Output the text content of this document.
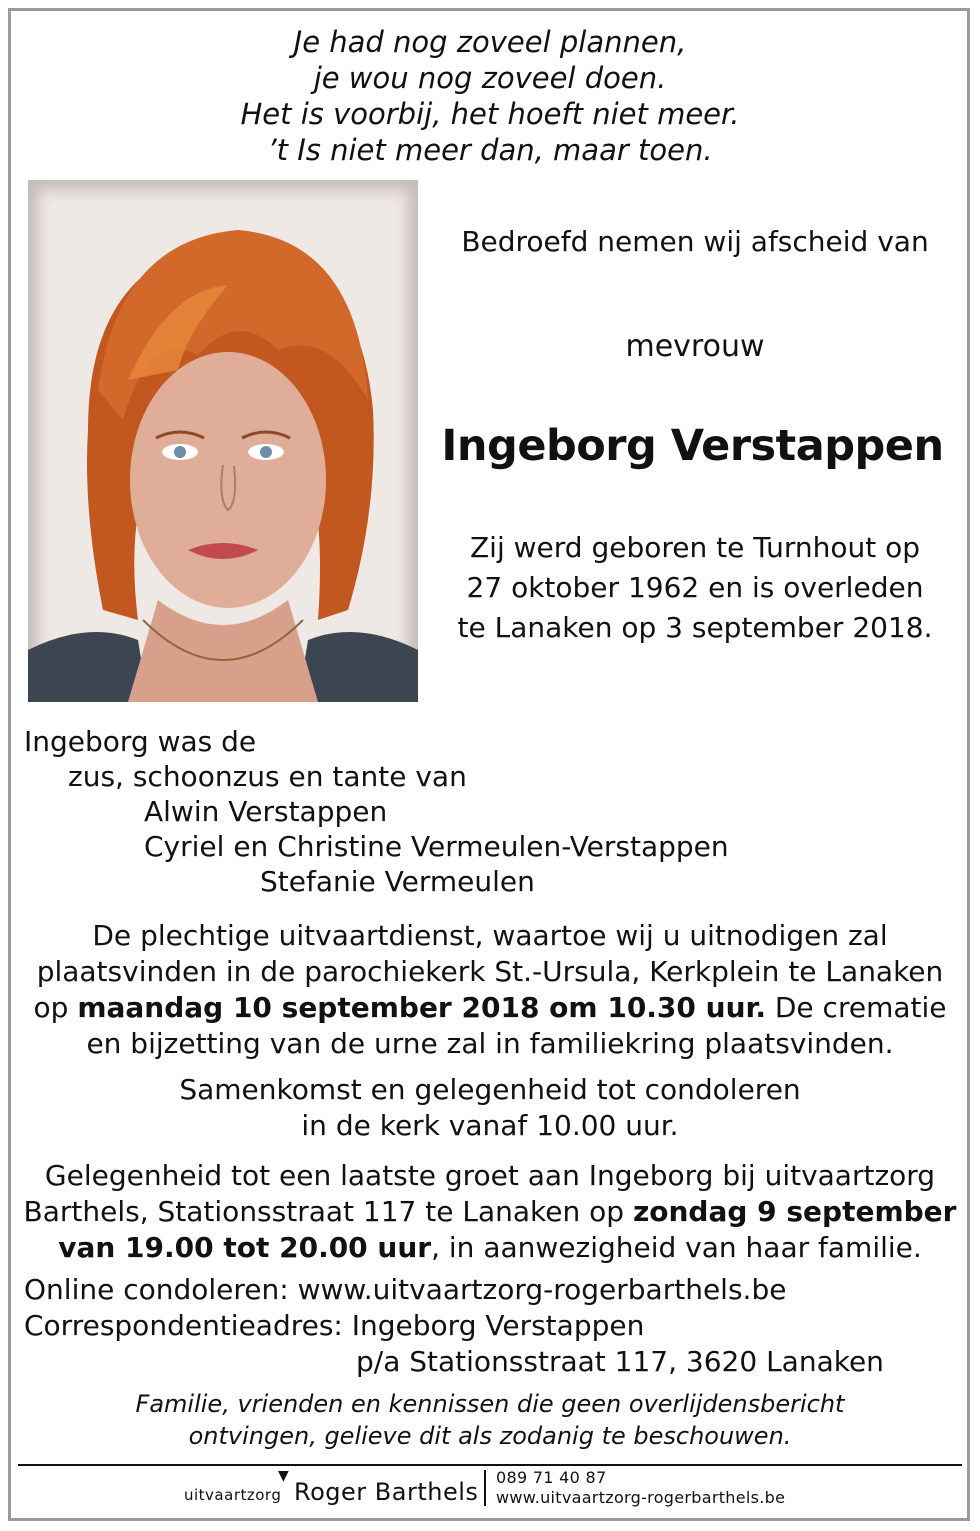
Je had nog zoveel plannen,
je wou nog zoveel doen.
Het is voorbij, het hoeft niet meer.
’t Is niet meer dan, maar toen.
Bedroefd nemen wij afscheid van
mevrouw
Ingeborg Verstappen
Zij werd geboren te Turnhout op
27 oktober 1962 en is overleden
te Lanaken op 3 september 2018.
Ingeborg was de
zus, schoonzus en tante van
Alwin Verstappen
Cyriel en Christine Vermeulen-Verstappen
Stefanie Vermeulen
De plechtige uitvaartdienst, waartoe wij u uitnodigen zal
plaatsvinden in de parochiekerk St.-Ursula, Kerkplein te Lanaken
op maandag 10 september 2018 om 10.30 uur. De crematie
en bijzetting van de urne zal in familiekring plaatsvinden.
Samenkomst en gelegenheid tot condoleren
in de kerk vanaf 10.00 uur.
Gelegenheid tot een laatste groet aan Ingeborg bij uitvaartzorg
Barthels, Stationsstraat 117 te Lanaken op zondag 9 september
van 19.00 tot 20.00 uur, in aanwezigheid van haar familie.
Online condoleren: www.uitvaartzorg-rogerbarthels.be
Correspondentieadres: Ingeborg Verstappen
p/a Stationsstraat 117, 3620 Lanaken
Familie, vrienden en kennissen die geen overlijdensbericht
ontvingen, gelieve dit als zodanig te beschouwen.
uitvaartzorg
▼
Roger Barthels
089 71 40 87
www.uitvaartzorg-rogerbarthels.be
